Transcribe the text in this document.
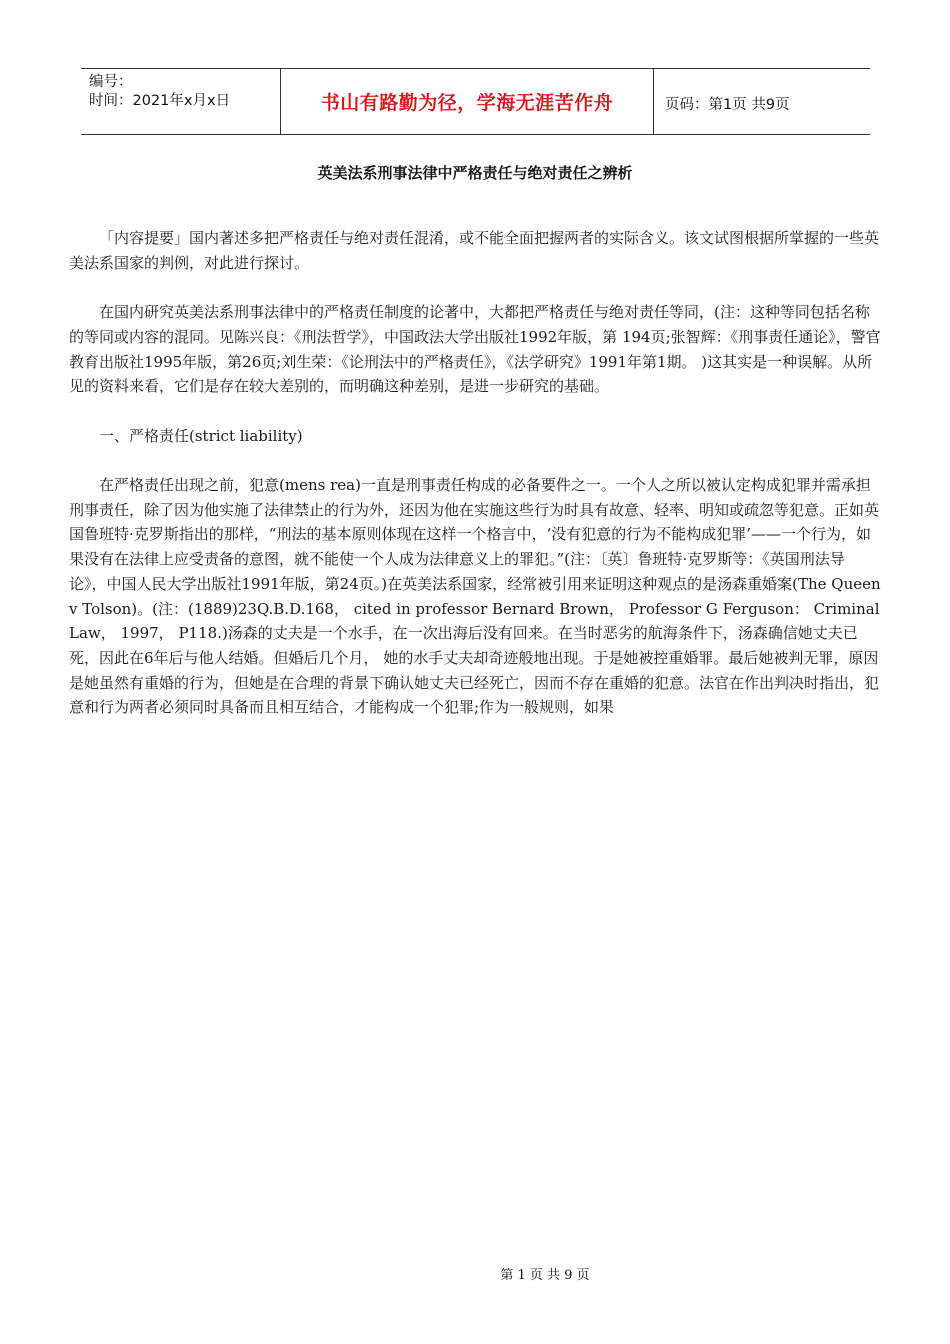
编号：
时间：2021年x月x日	书山有路勤为径，学海无涯苦作舟	页码：第1页 共9页
英美法系刑事法律中严格责任与绝对责任之辨析

「内容提要」国内著述多把严格责任与绝对责任混淆，或不能全面把握两者的实际含义。该文试图根据所掌握的一些英美法系国家的判例，对此进行探讨。

在国内研究英美法系刑事法律中的严格责任制度的论著中，大都把严格责任与绝对责任等同，(注：这种等同包括名称的等同或内容的混同。见陈兴良：《刑法哲学》，中国政法大学出版社1992年版，第 194页;张智辉：《刑事责任通论》，警官教育出版社1995年版，第26页;刘生荣：《论刑法中的严格责任》，《法学研究》1991年第1期。 )这其实是一种误解。从所见的资料来看，它们是存在较大差别的，而明确这种差别，是进一步研究的基础。

一、严格责任(strict liability)

在严格责任出现之前，犯意(mens rea)一直是刑事责任构成的必备要件之一。一个人之所以被认定构成犯罪并需承担刑事责任，除了因为他实施了法律禁止的行为外，还因为他在实施这些行为时具有故意、轻率、明知或疏忽等犯意。正如英国鲁班特·克罗斯指出的那样，“刑法的基本原则体现在这样一个格言中，‘没有犯意的行为不能构成犯罪’——一个行为，如果没有在法律上应受责备的意图，就不能使一个人成为法律意义上的罪犯。”(注：〔英〕鲁班特·克罗斯等：《英国刑法导论》，中国人民大学出版社1991年版，第24页。)在英美法系国家，经常被引用来证明这种观点的是汤森重婚案(The Queen v Tolson)。(注：(1889)23Q.B.D.168， cited in professor Bernard Brown， Professor G Ferguson： Criminal Law， 1997， P118.)汤森的丈夫是一个水手，在一次出海后没有回来。在当时恶劣的航海条件下，汤森确信她丈夫已死，因此在6年后与他人结婚。但婚后几个月， 她的水手丈夫却奇迹般地出现。于是她被控重婚罪。最后她被判无罪，原因是她虽然有重婚的行为，但她是在合理的背景下确认她丈夫已经死亡，因而不存在重婚的犯意。法官在作出判决时指出，犯意和行为两者必须同时具备而且相互结合，才能构成一个犯罪;作为一般规则，如果

第 1 页 共 9 页
